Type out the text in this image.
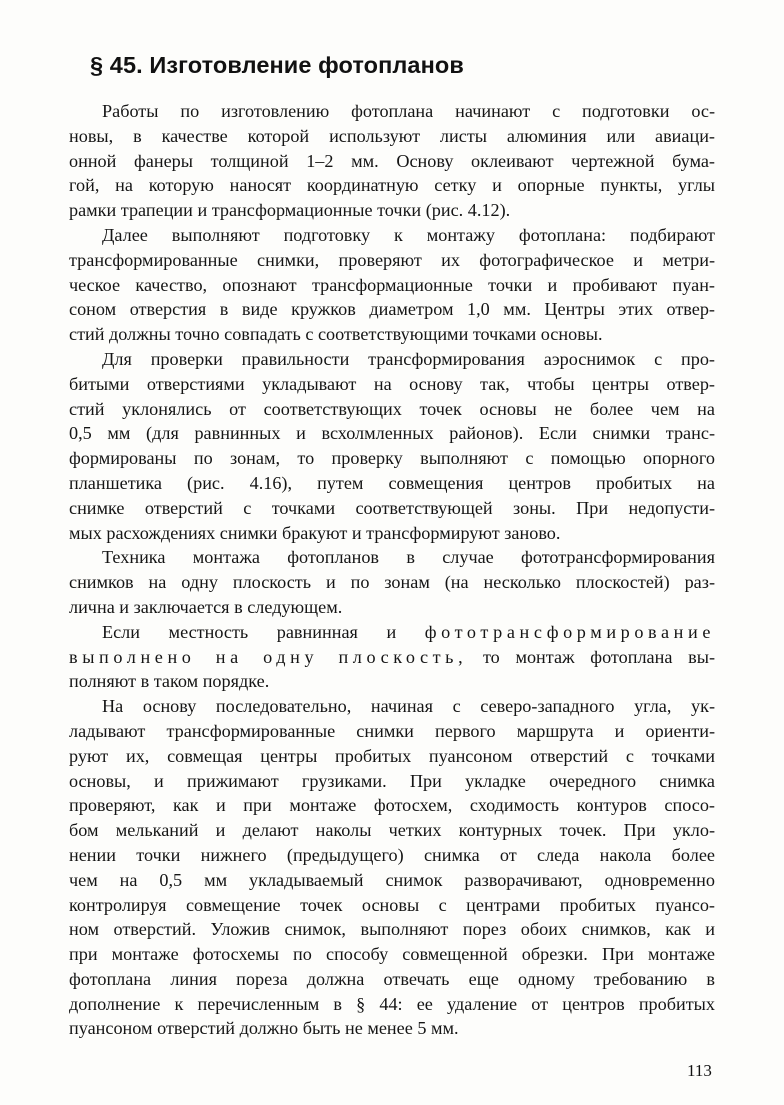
§ 45. Изготовление фотопланов
Работы по изготовлению фотоплана начинают с подготовки ос-
новы, в качестве которой используют листы алюминия или авиаци-
онной фанеры толщиной 1–2 мм. Основу оклеивают чертежной бума-
гой, на которую наносят координатную сетку и опорные пункты, углы
рамки трапеции и трансформационные точки (рис. 4.12).
Далее выполняют подготовку к монтажу фотоплана: подбирают
трансформированные снимки, проверяют их фотографическое и метри-
ческое качество, опознают трансформационные точки и пробивают пуан-
соном отверстия в виде кружков диаметром 1,0 мм. Центры этих отвер-
стий должны точно совпадать с соответствующими точками основы.
Для проверки правильности трансформирования аэроснимок с про-
битыми отверстиями укладывают на основу так, чтобы центры отвер-
стий уклонялись от соответствующих точек основы не более чем на
0,5 мм (для равнинных и всхолмленных районов). Если снимки транс-
формированы по зонам, то проверку выполняют с помощью опорного
планшетика (рис. 4.16), путем совмещения центров пробитых на
снимке отверстий с точками соответствующей зоны. При недопусти-
мых расхождениях снимки бракуют и трансформируют заново.
Техника монтажа фотопланов в случае фототрансформирования
снимков на одну плоскость и по зонам (на несколько плоскостей) раз-
лична и заключается в следующем.
Если местность равнинная и фототрансформирование
выполнено на одну плоскость, то монтаж фотоплана вы-
полняют в таком порядке.
На основу последовательно, начиная с северо-западного угла, ук-
ладывают трансформированные снимки первого маршрута и ориенти-
руют их, совмещая центры пробитых пуансоном отверстий с точками
основы, и прижимают грузиками. При укладке очередного снимка
проверяют, как и при монтаже фотосхем, сходимость контуров спосо-
бом мельканий и делают наколы четких контурных точек. При укло-
нении точки нижнего (предыдущего) снимка от следа накола более
чем на 0,5 мм укладываемый снимок разворачивают, одновременно
контролируя совмещение точек основы с центрами пробитых пуансо-
ном отверстий. Уложив снимок, выполняют порез обоих снимков, как и
при монтаже фотосхемы по способу совмещенной обрезки. При монтаже
фотоплана линия пореза должна отвечать еще одному требованию в
дополнение к перечисленным в § 44: ее удаление от центров пробитых
пуансоном отверстий должно быть не менее 5 мм.
113
